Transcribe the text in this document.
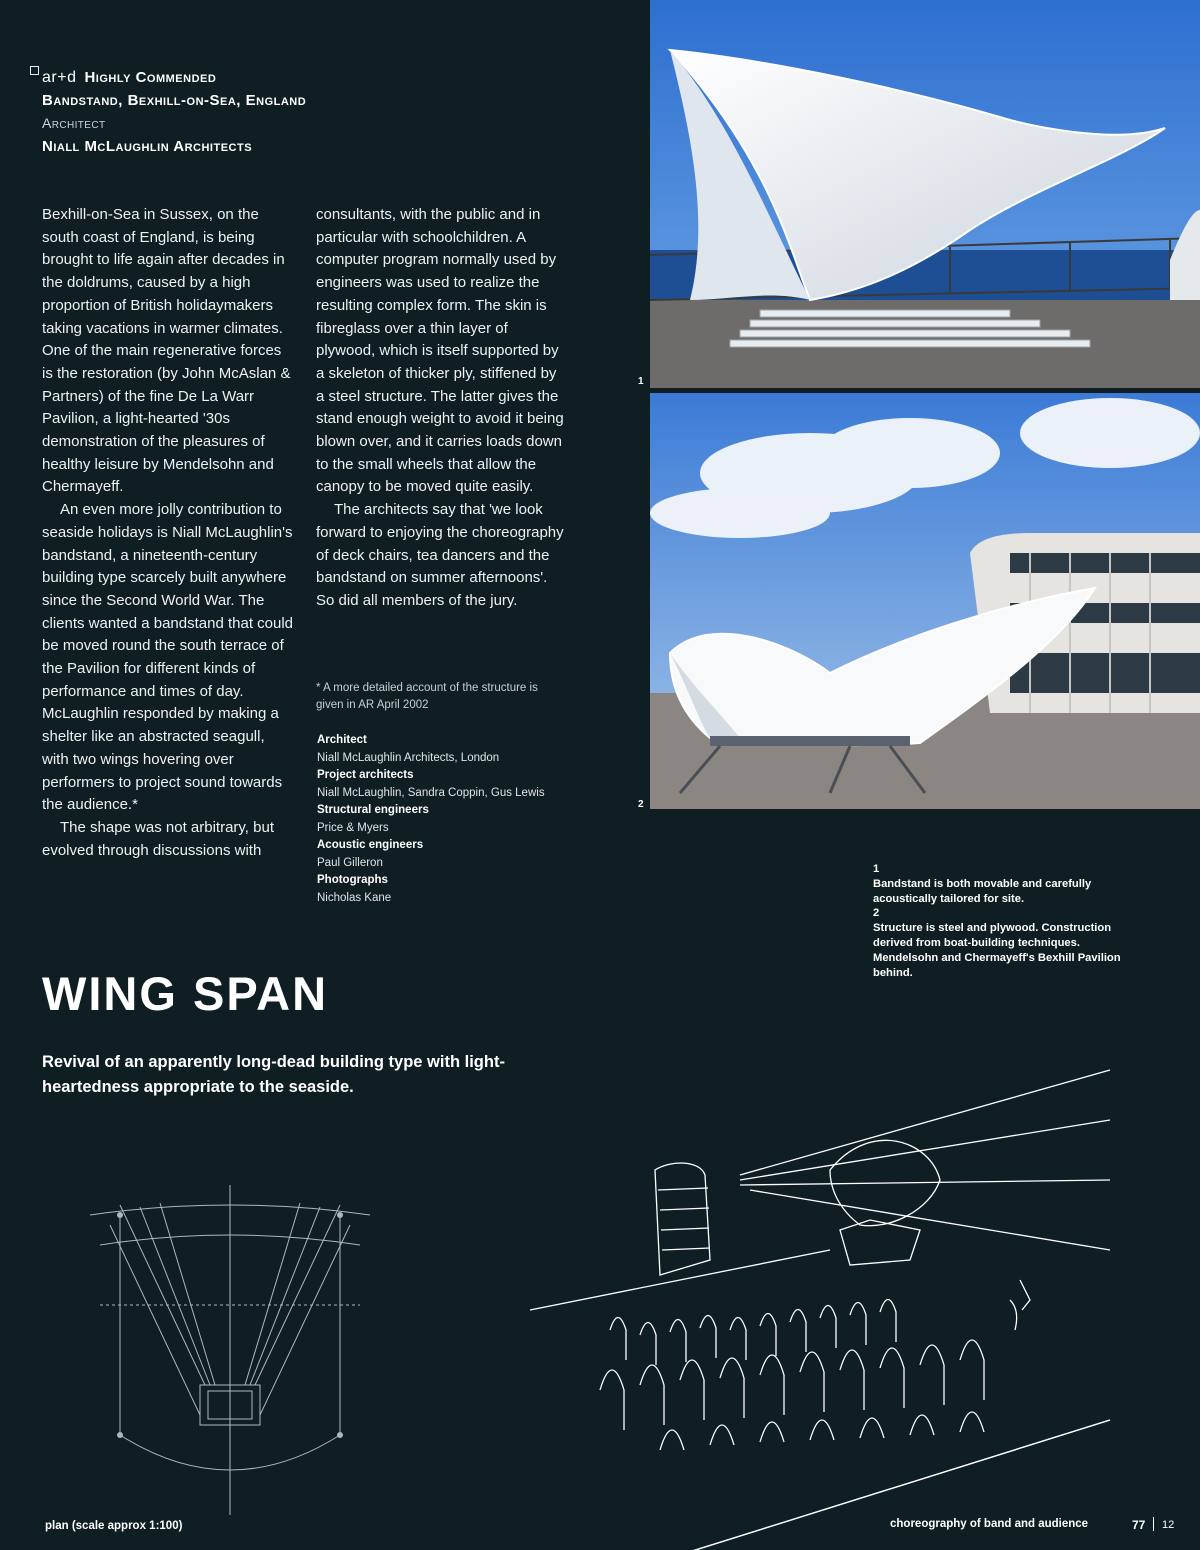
ar+d Highly Commended
Bandstand, Bexhill-on-Sea, England
Architect
Niall McLaughlin Architects

Bexhill-on-Sea in Sussex, on the south coast of England, is being brought to life again after decades in the doldrums, caused by a high proportion of British holidaymakers taking vacations in warmer climates. One of the main regenerative forces is the restoration (by John McAslan & Partners) of the fine De La Warr Pavilion, a light-hearted '30s demonstration of the pleasures of healthy leisure by Mendelsohn and Chermayeff.

An even more jolly contribution to seaside holidays is Niall McLaughlin's bandstand, a nineteenth-century building type scarcely built anywhere since the Second World War. The clients wanted a bandstand that could be moved round the south terrace of the Pavilion for different kinds of performance and times of day. McLaughlin responded by making a shelter like an abstracted seagull, with two wings hovering over performers to project sound towards the audience.*

The shape was not arbitrary, but evolved through discussions with

consultants, with the public and in particular with schoolchildren. A computer program normally used by engineers was used to realize the resulting complex form. The skin is fibreglass over a thin layer of plywood, which is itself supported by a skeleton of thicker ply, stiffened by a steel structure. The latter gives the stand enough weight to avoid it being blown over, and it carries loads down to the small wheels that allow the canopy to be moved quite easily.

The architects say that 'we look forward to enjoying the choreography of deck chairs, tea dancers and the bandstand on summer afternoons'. So did all members of the jury.

* A more detailed account of the structure is given in AR April 2002
Architect
Niall McLaughlin Architects, London
Project architects
Niall McLaughlin, Sandra Coppin, Gus Lewis
Structural engineers
Price & Myers
Acoustic engineers
Paul Gilleron
Photographs
Nicholas Kane
1
2
1
Bandstand is both movable and carefully acoustically tailored for site.
2
Structure is steel and plywood. Construction derived from boat-building techniques. Mendelsohn and Chermayeff's Bexhill Pavilion behind.
WING SPAN
Revival of an apparently long-dead building type with light-heartedness appropriate to the seaside.
plan (scale approx 1:100)	choreography of band and audience	77 12
